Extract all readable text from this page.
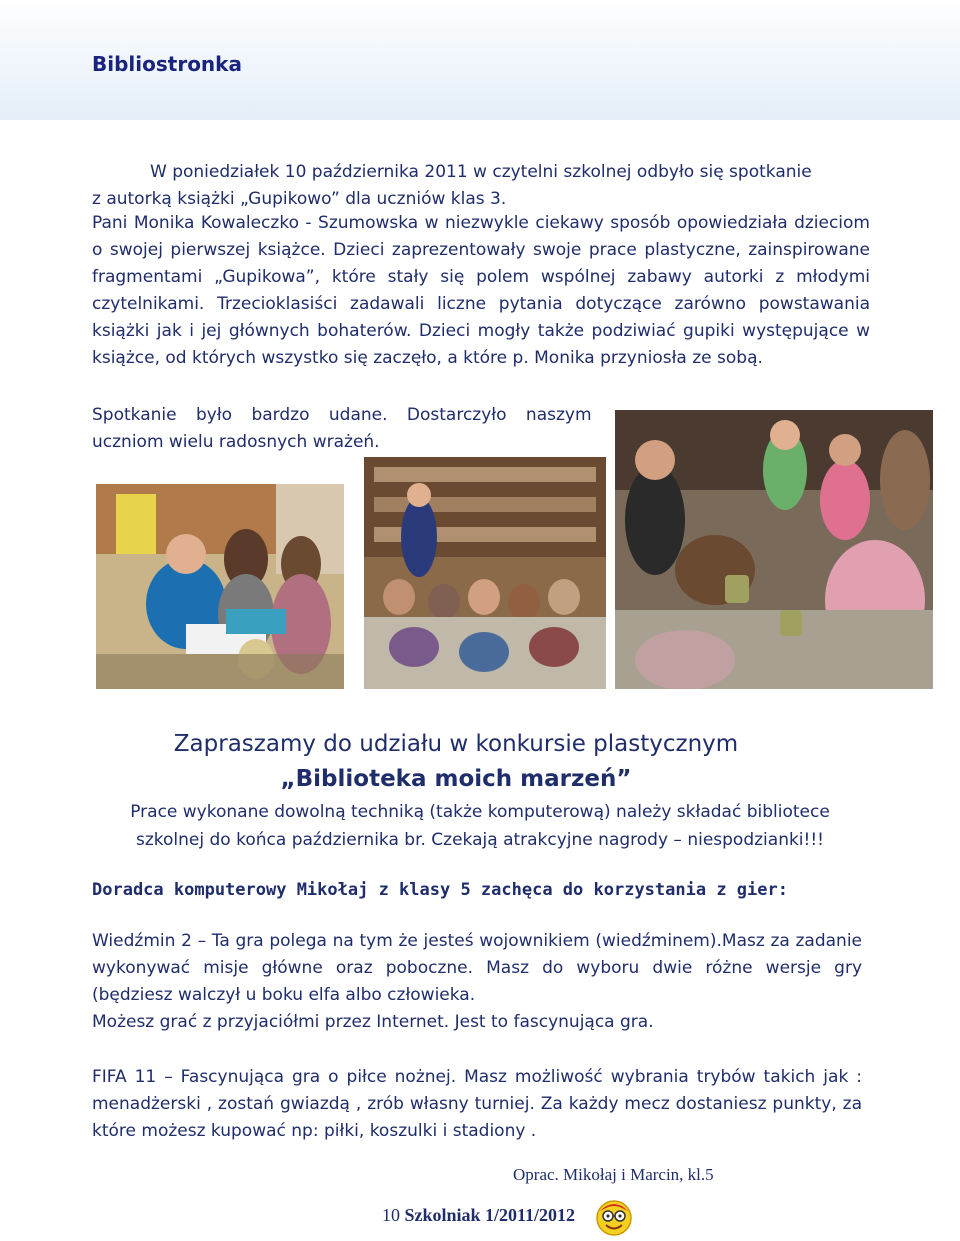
Bibliostronka
W poniedziałek 10 października 2011 w czytelni szkolnej odbyło się spotkanie
z autorką książki „Gupikowo” dla uczniów klas 3.

Pani Monika Kowaleczko - Szumowska w niezwykle ciekawy sposób opowiedziała dzieciom o swojej pierwszej książce. Dzieci zaprezentowały swoje prace plastyczne, zainspirowane fragmentami „Gupikowa”, które stały się polem wspólnej zabawy autorki z młodymi czytelnikami. Trzecioklasiści zadawali liczne pytania dotyczące zarówno powstawania książki jak i jej głównych bohaterów. Dzieci mogły także podziwiać gupiki występujące w książce, od których wszystko się zaczęło, a które p. Monika przyniosła ze sobą.

Spotkanie było bardzo udane. Dostarczyło naszym
uczniom wielu radosnych wrażeń.
Zapraszamy do udziału w konkursie plastycznym
„Biblioteka moich marzeń”
Prace wykonane dowolną techniką (także komputerową) należy składać bibliotece
szkolnej do końca października br. Czekają atrakcyjne nagrody – niespodzianki!!!
Doradca komputerowy Mikołaj z klasy 5 zachęca do korzystania z gier:

Wiedźmin 2 – Ta gra polega na tym że jesteś wojownikiem (wiedźminem).Masz za zadanie wykonywać misje główne oraz poboczne. Masz do wyboru dwie różne wersje gry (będziesz walczył u boku elfa albo człowieka.

Możesz grać z przyjaciółmi przez Internet. Jest to fascynująca gra.

FIFA 11 – Fascynująca gra o piłce nożnej. Masz możliwość wybrania trybów takich jak : menadżerski , zostań gwiazdą , zrób własny turniej. Za każdy mecz dostaniesz punkty, za które możesz kupować np: piłki, koszulki i stadiony .

Oprac. Mikołaj i Marcin, kl.5
10 Szkolniak 1/2011/2012
